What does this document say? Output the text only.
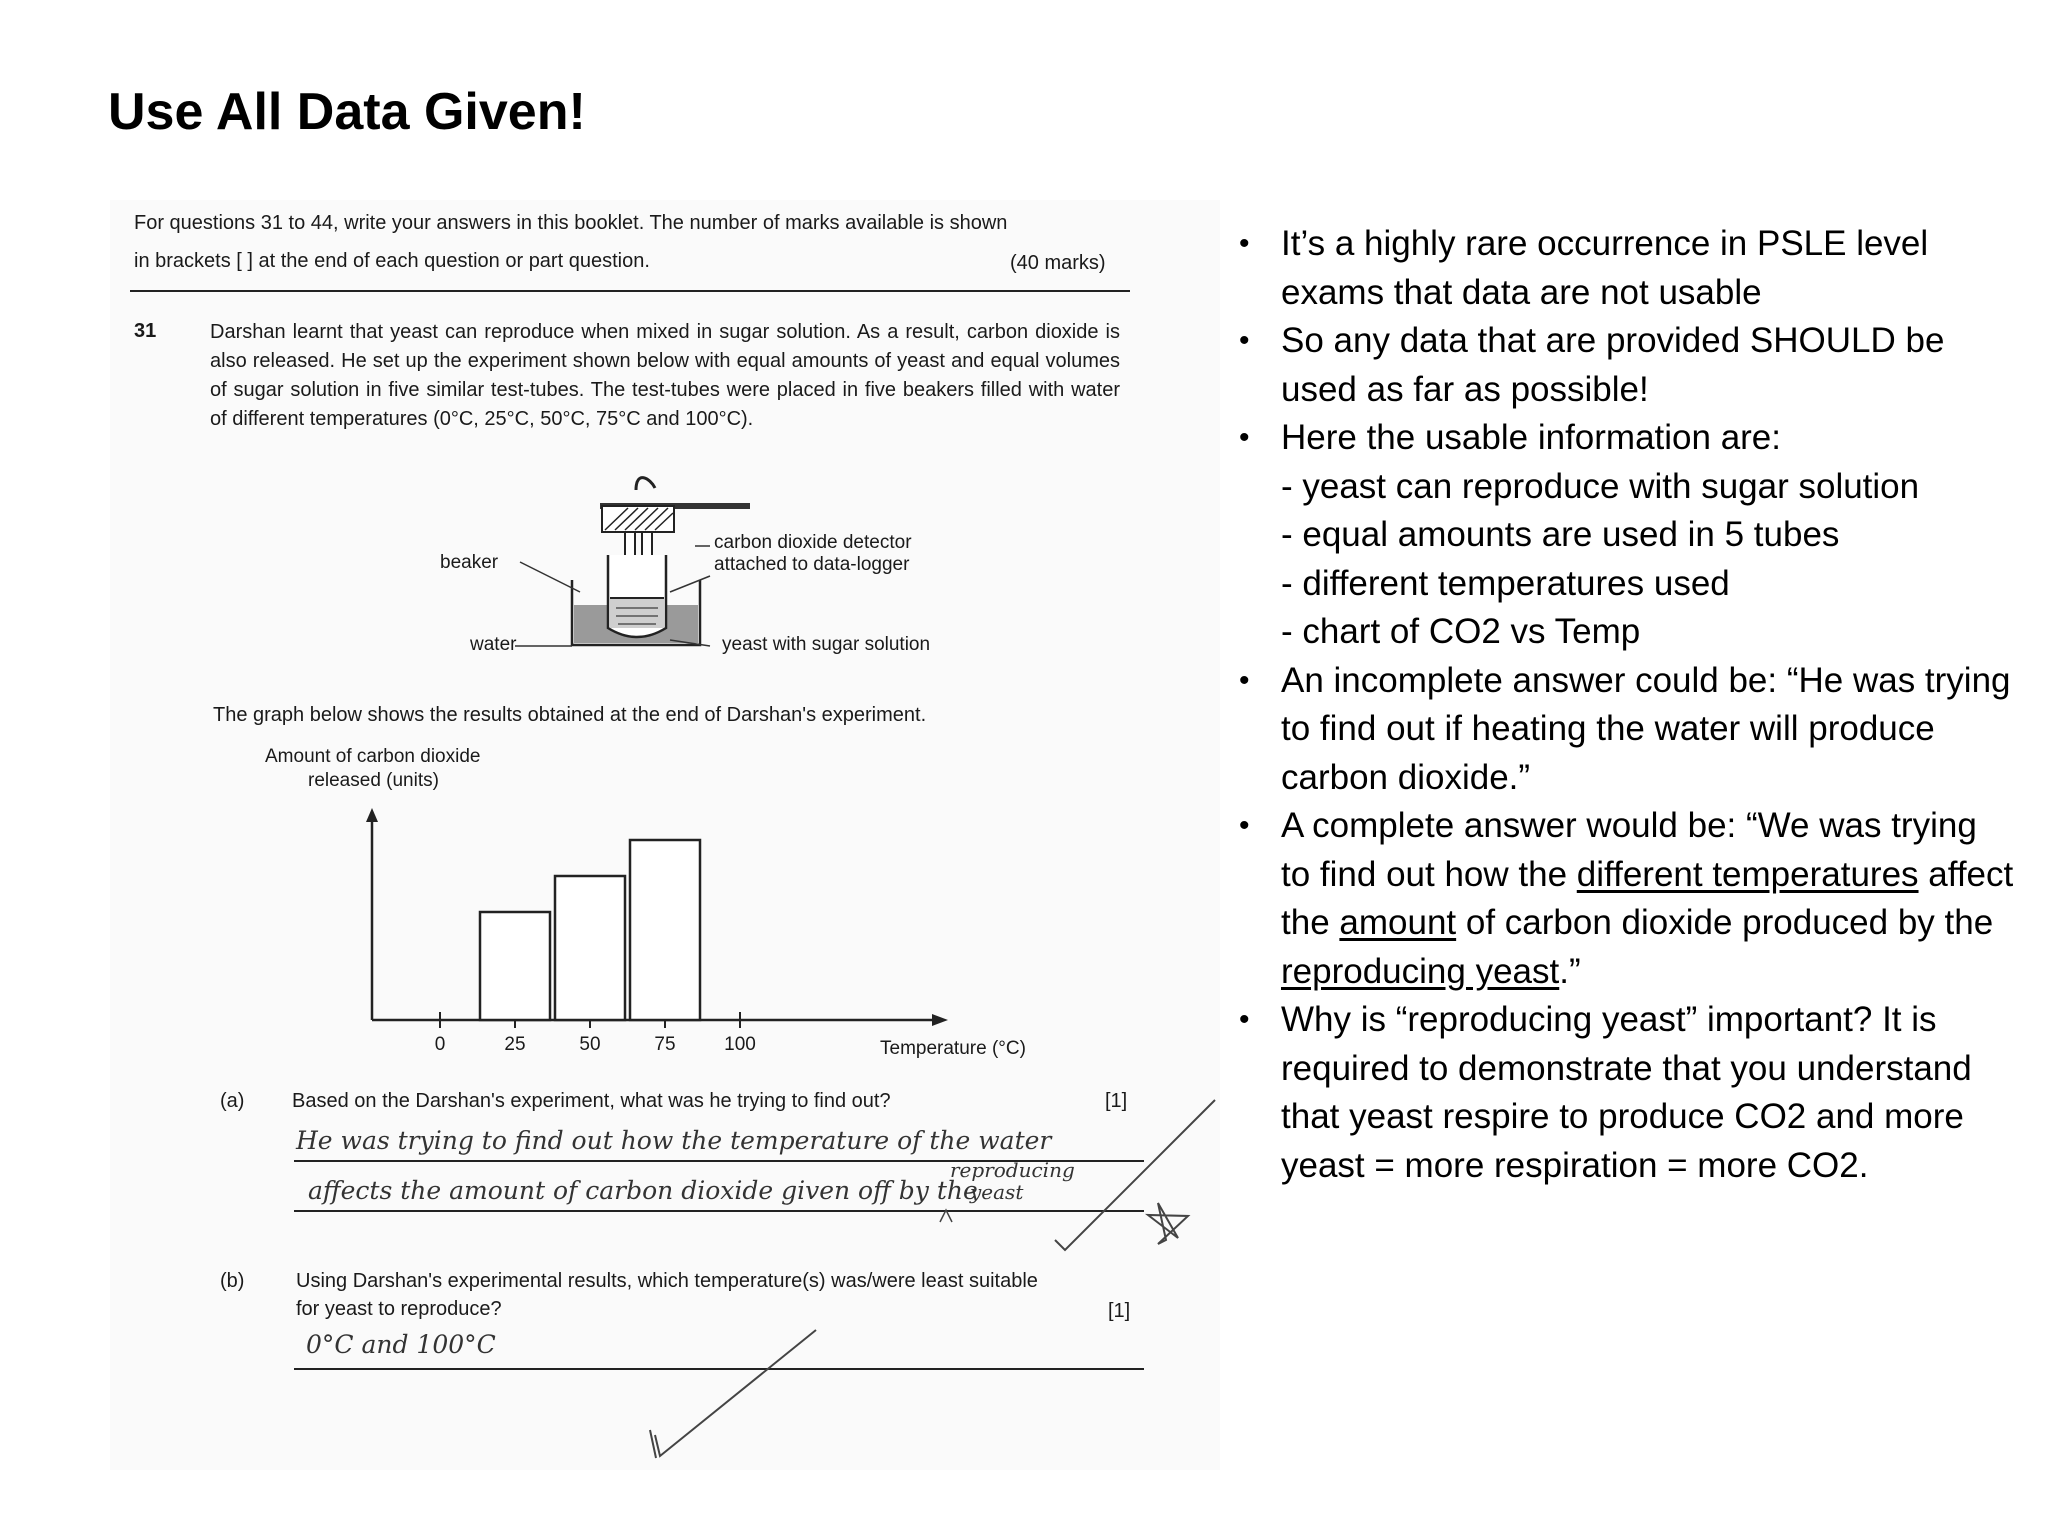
Use All Data Given!
For questions 31 to 44, write your answers in this booklet. The number of marks available is shown
in brackets [ ] at the end of each question or part question.	(40 marks)
31	Darshan learnt that yeast can reproduce when mixed in sugar solution. As a result, carbon dioxide is also released. He set up the experiment shown below with equal amounts of yeast and equal volumes of sugar solution in five similar test-tubes. The test-tubes were placed in five beakers filled with water of different temperatures (0°C, 25°C, 50°C, 75°C and 100°C).
carbon dioxide detector
attached to data-logger
beaker
water	yeast with sugar solution
The graph below shows the results obtained at the end of Darshan's experiment.
Amount of carbon dioxide
released (units)
0	25	50	75	100	Temperature (°C)
(a) Based on the Darshan's experiment, what was he trying to find out?	[1]
He was trying to find out how the temperature of the water
reproducing
affects the amount of carbon dioxide given off by the
yeast
(b)	Using Darshan's experimental results, which temperature(s) was/were least suitable
for yeast to reproduce?	[1]
0°C and 100°C
• It’s a highly rare occurrence in PSLE level exams that data are not usable
• So any data that are provided SHOULD be used as far as possible!
• Here the usable information are:
- yeast can reproduce with sugar solution
- equal amounts are used in 5 tubes
- different temperatures used
- chart of CO2 vs Temp
• An incomplete answer could be: “He was trying to find out if heating the water will produce carbon dioxide.”
• A complete answer would be: “We was trying to find out how the different temperatures affect the amount of carbon dioxide produced by the reproducing yeast.”
• Why is “reproducing yeast” important? It is required to demonstrate that you understand that yeast respire to produce CO2 and more yeast = more respiration = more CO2.
